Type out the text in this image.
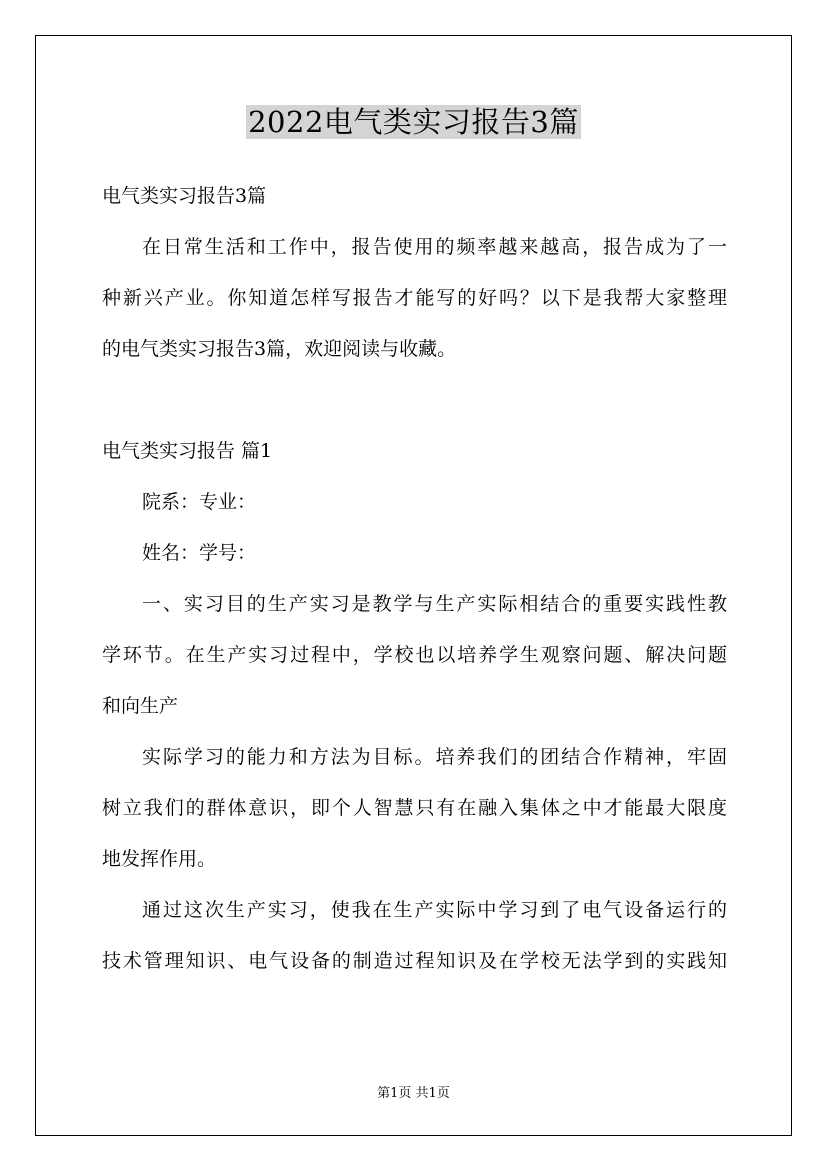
2022电气类实习报告3篇
电气类实习报告3篇
在日常生活和工作中，报告使用的频率越来越高，报告成为了一
种新兴产业。你知道怎样写报告才能写的好吗？以下是我帮大家整理
的电气类实习报告3篇，欢迎阅读与收藏。
电气类实习报告 篇1
院系：专业：
姓名：学号：
一、实习目的生产实习是教学与生产实际相结合的重要实践性教
学环节。在生产实习过程中，学校也以培养学生观察问题、解决问题
和向生产
实际学习的能力和方法为目标。培养我们的团结合作精神，牢固
树立我们的群体意识，即个人智慧只有在融入集体之中才能最大限度
地发挥作用。
通过这次生产实习，使我在生产实际中学习到了电气设备运行的
技术管理知识、电气设备的制造过程知识及在学校无法学到的实践知
第1页 共1页
